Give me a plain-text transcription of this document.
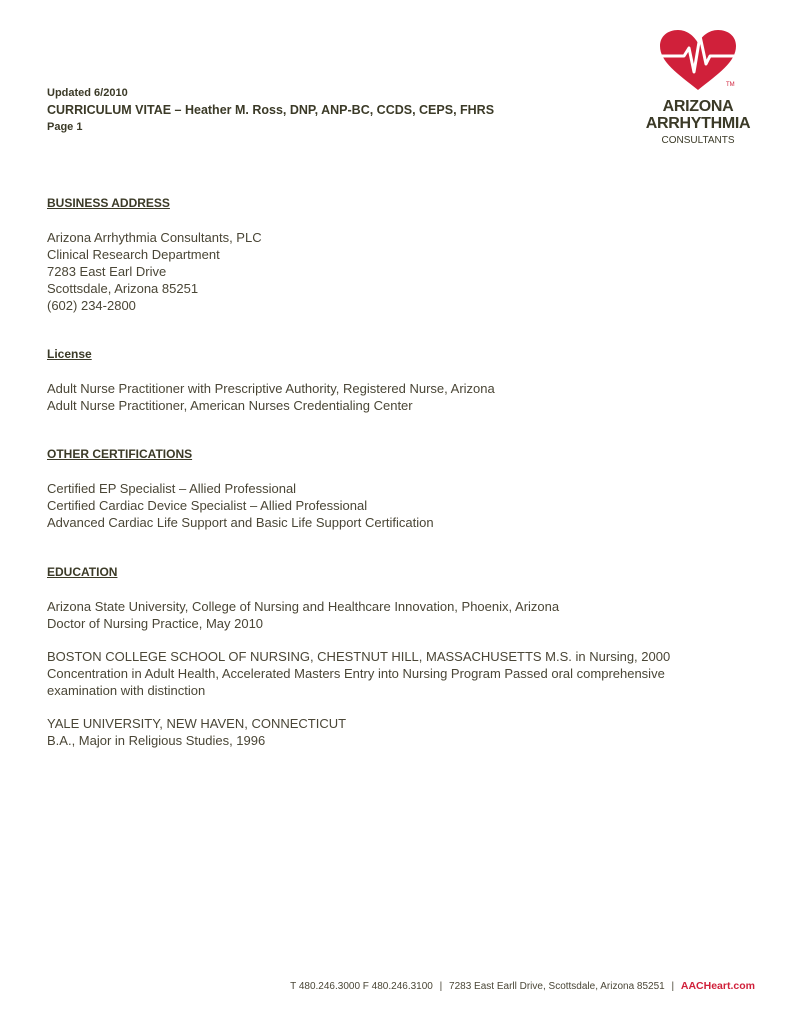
Updated 6/2010

CURRICULUM VITAE – Heather M. Ross, DNP, ANP-BC, CCDS, CEPS, FHRS

Page 1

TM
ARIZONA
ARRHYTHMIA
CONSULTANTS

BUSINESS ADDRESS

Arizona Arrhythmia Consultants, PLC

Clinical Research Department

7283 East Earl Drive

Scottsdale, Arizona 85251

(602) 234-2800

License

Adult Nurse Practitioner with Prescriptive Authority, Registered Nurse, Arizona

Adult Nurse Practitioner, American Nurses Credentialing Center

OTHER CERTIFICATIONS

Certified EP Specialist – Allied Professional

Certified Cardiac Device Specialist – Allied Professional

Advanced Cardiac Life Support and Basic Life Support Certification

EDUCATION

Arizona State University, College of Nursing and Healthcare Innovation, Phoenix, Arizona

Doctor of Nursing Practice, May 2010

BOSTON COLLEGE SCHOOL OF NURSING, CHESTNUT HILL, MASSACHUSETTS M.S. in Nursing, 2000

Concentration in Adult Health, Accelerated Masters Entry into Nursing Program Passed oral comprehensive

examination with distinction

YALE UNIVERSITY, NEW HAVEN, CONNECTICUT

B.A., Major in Religious Studies, 1996

T 480.246.3000 F 480.246.3100 | 7283 East Earll Drive, Scottsdale, Arizona 85251 | AACHeart.com
